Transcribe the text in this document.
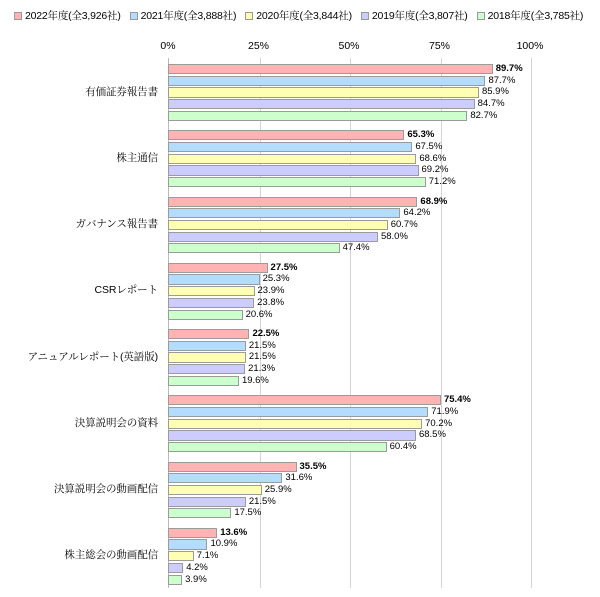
2022年度(全3,926社) 2021年度(全3,888社) 2020年度(全3,844社) 2019年度(全3,807社) 2018年度(全3,785社)
0%	25%	50%	75%	100%
有価証券報告書
89.7%
87.7%
85.9%
84.7%
82.7%
株主通信
65.3%
67.5%
68.6%
69.2%
71.2%
ガバナンス報告書
68.9%
64.2%
60.7%
58.0%
47.4%
CSRレポート
27.5%
25.3%
23.9%
23.8%
20.6%
アニュアルレポート(英語版)
22.5%
21.5%
21.5%
21.3%
19.6%
決算説明会の資料
75.4%
71.9%
70.2%
68.5%
60.4%
決算説明会の動画配信
35.5%
31.6%
25.9%
21.5%
17.5%
株主総会の動画配信
13.6%
10.9%
7.1%
4.2%
3.9%
